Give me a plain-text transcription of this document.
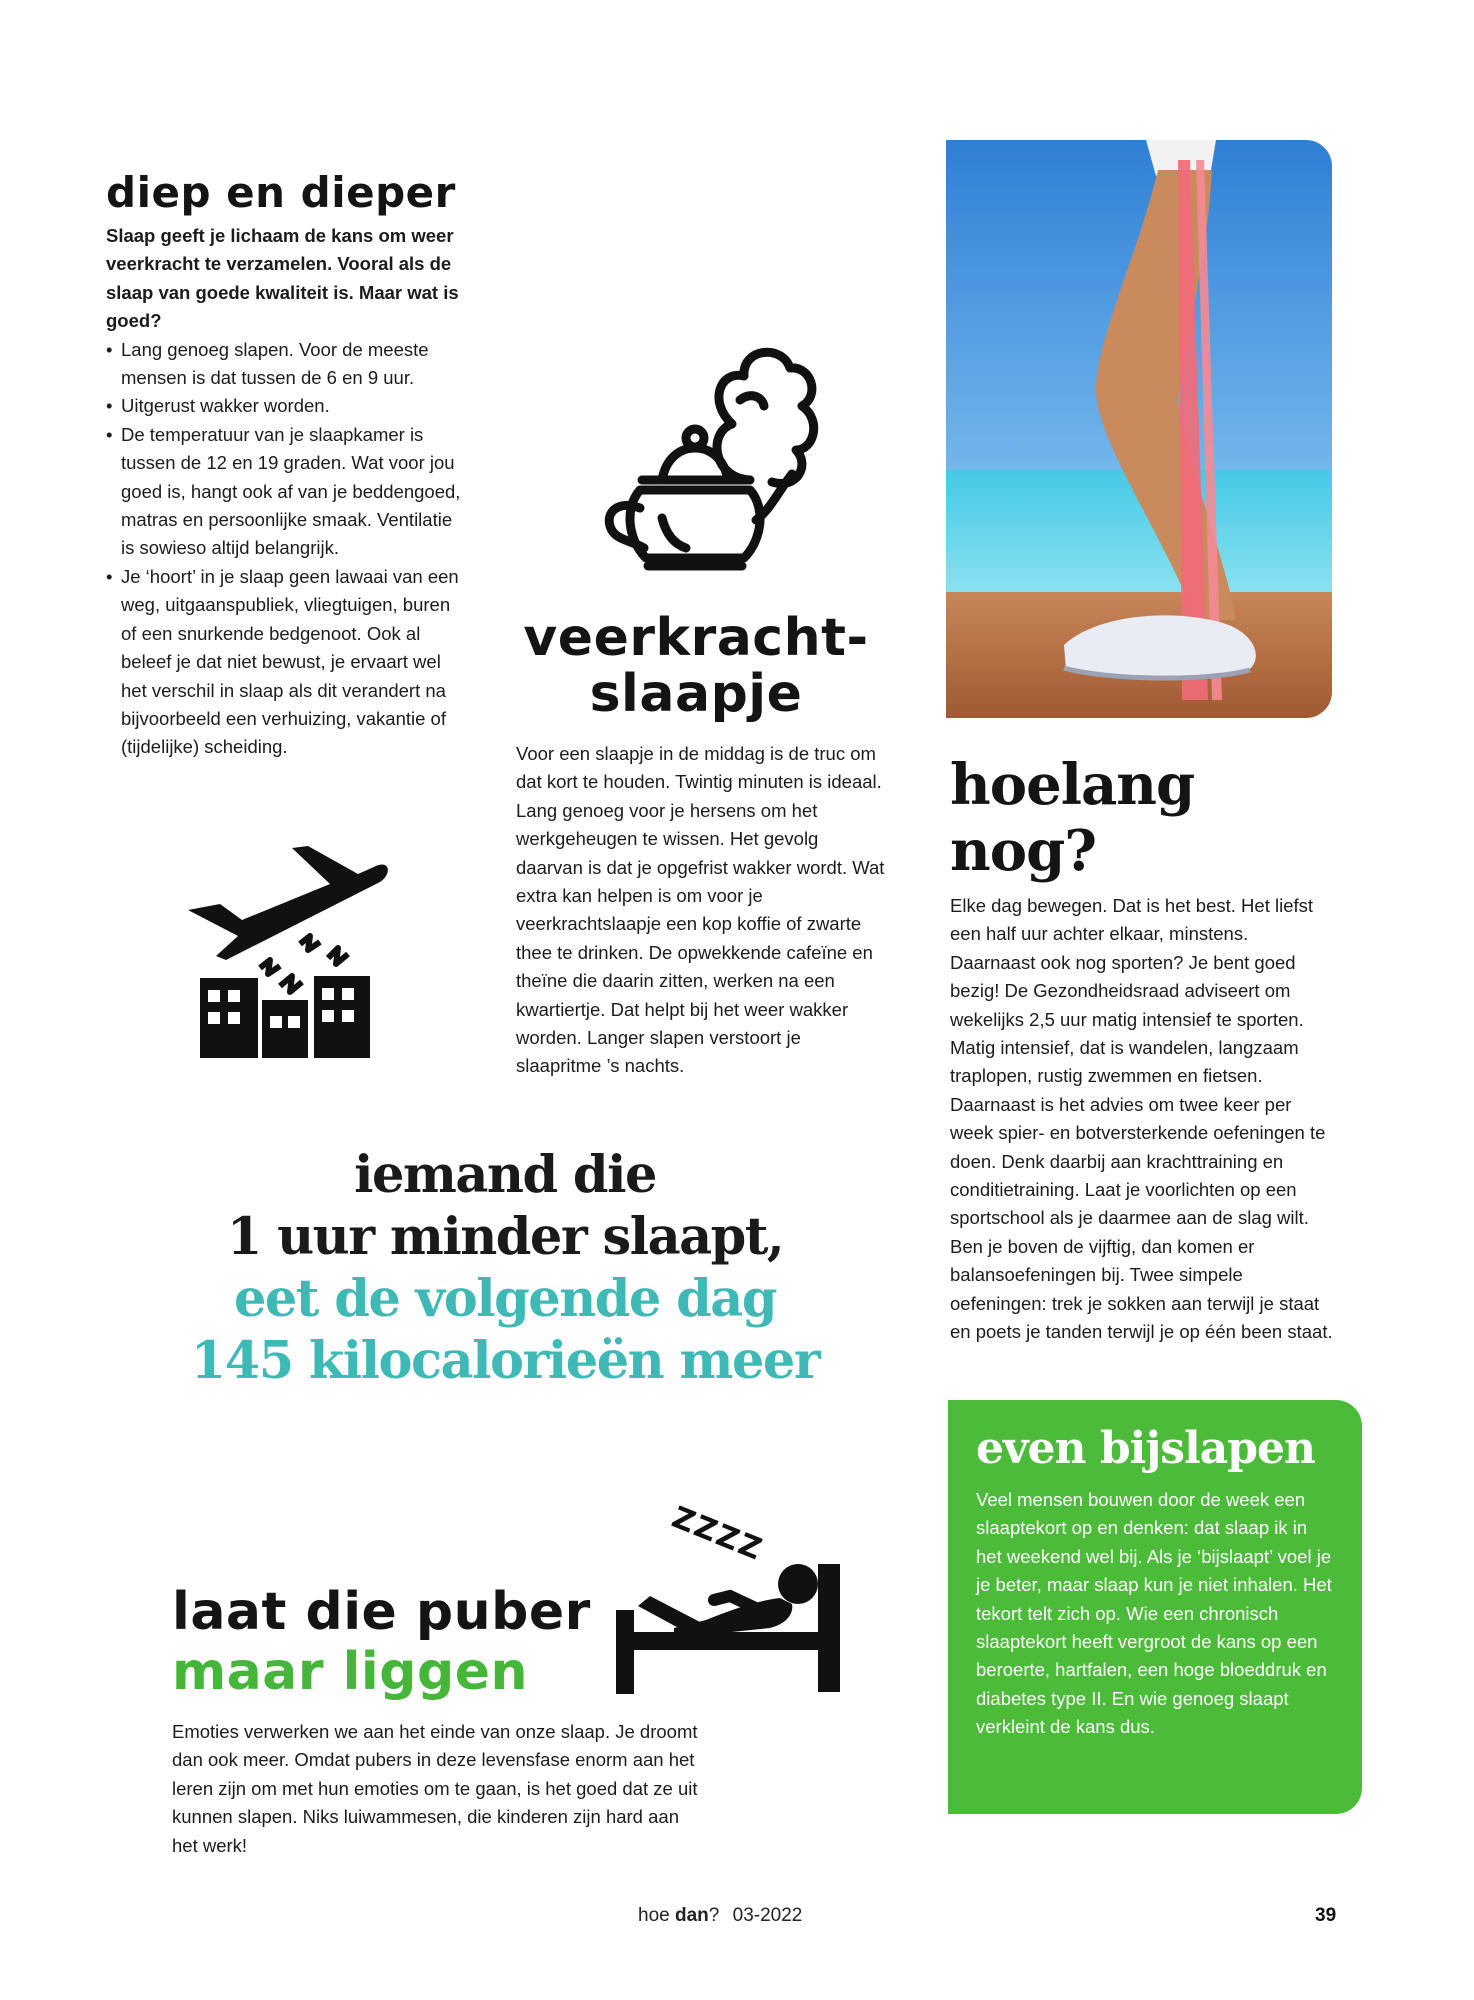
diep en dieper
Slaap geeft je lichaam de kans om weer veerkracht te verzamelen. Vooral als de slaap van goede kwaliteit is. Maar wat is goed?
• Lang genoeg slapen. Voor de meeste mensen is dat tussen de 6 en 9 uur.
• Uitgerust wakker worden.
• De temperatuur van je slaapkamer is tussen de 12 en 19 graden. Wat voor jou goed is, hangt ook af van je beddengoed, matras en persoonlijke smaak. Ventilatie is sowieso altijd belangrijk.
• Je ‘hoort’ in je slaap geen lawaai van een weg, uitgaanspubliek, vliegtuigen, buren of een snurkende bedgenoot. Ook al beleef je dat niet bewust, je ervaart wel het verschil in slaap als dit verandert na bijvoorbeeld een verhuizing, vakantie of (tijdelijke) scheiding.
veerkracht-
slaapje
Voor een slaapje in de middag is de truc om dat kort te houden. Twintig minuten is ideaal. Lang genoeg voor je hersens om het werkgeheugen te wissen. Het gevolg daarvan is dat je opgefrist wakker wordt. Wat extra kan helpen is om voor je veerkrachtslaapje een kop koffie of zwarte thee te drinken. De opwekkende cafeïne en theïne die daarin zitten, werken na een kwartiertje. Dat helpt bij het weer wakker worden. Langer slapen verstoort je slaapritme ’s nachts.
hoelang nog?
Elke dag bewegen. Dat is het best. Het liefst een half uur achter elkaar, minstens. Daarnaast ook nog sporten? Je bent goed bezig! De Gezondheidsraad adviseert om wekelijks 2,5 uur matig intensief te sporten. Matig intensief, dat is wandelen, langzaam traplopen, rustig zwemmen en fietsen. Daarnaast is het advies om twee keer per week spier- en botversterkende oefeningen te doen. Denk daarbij aan krachttraining en conditietraining. Laat je voorlichten op een sportschool als je daarmee aan de slag wilt. Ben je boven de vijftig, dan komen er balansoefeningen bij. Twee simpele oefeningen: trek je sokken aan terwijl je staat en poets je tanden terwijl je op één been staat.
iemand die
1 uur minder slaapt,
eet de volgende dag
145 kilocalorieën meer
ZZZZ
laat die puber
maar liggen
Emoties verwerken we aan het einde van onze slaap. Je droomt dan ook meer. Omdat pubers in deze levensfase enorm aan het leren zijn om met hun emoties om te gaan, is het goed dat ze uit kunnen slapen. Niks luiwammesen, die kinderen zijn hard aan het werk!
even bijslapen
Veel mensen bouwen door de week een slaaptekort op en denken: dat slaap ik in het weekend wel bij. Als je ‘bijslaapt’ voel je je beter, maar slaap kun je niet inhalen. Het tekort telt zich op. Wie een chronisch slaaptekort heeft vergroot de kans op een beroerte, hartfalen, een hoge bloeddruk en diabetes type II. En wie genoeg slaapt verkleint de kans dus.
hoe dan? 03-2022	39
